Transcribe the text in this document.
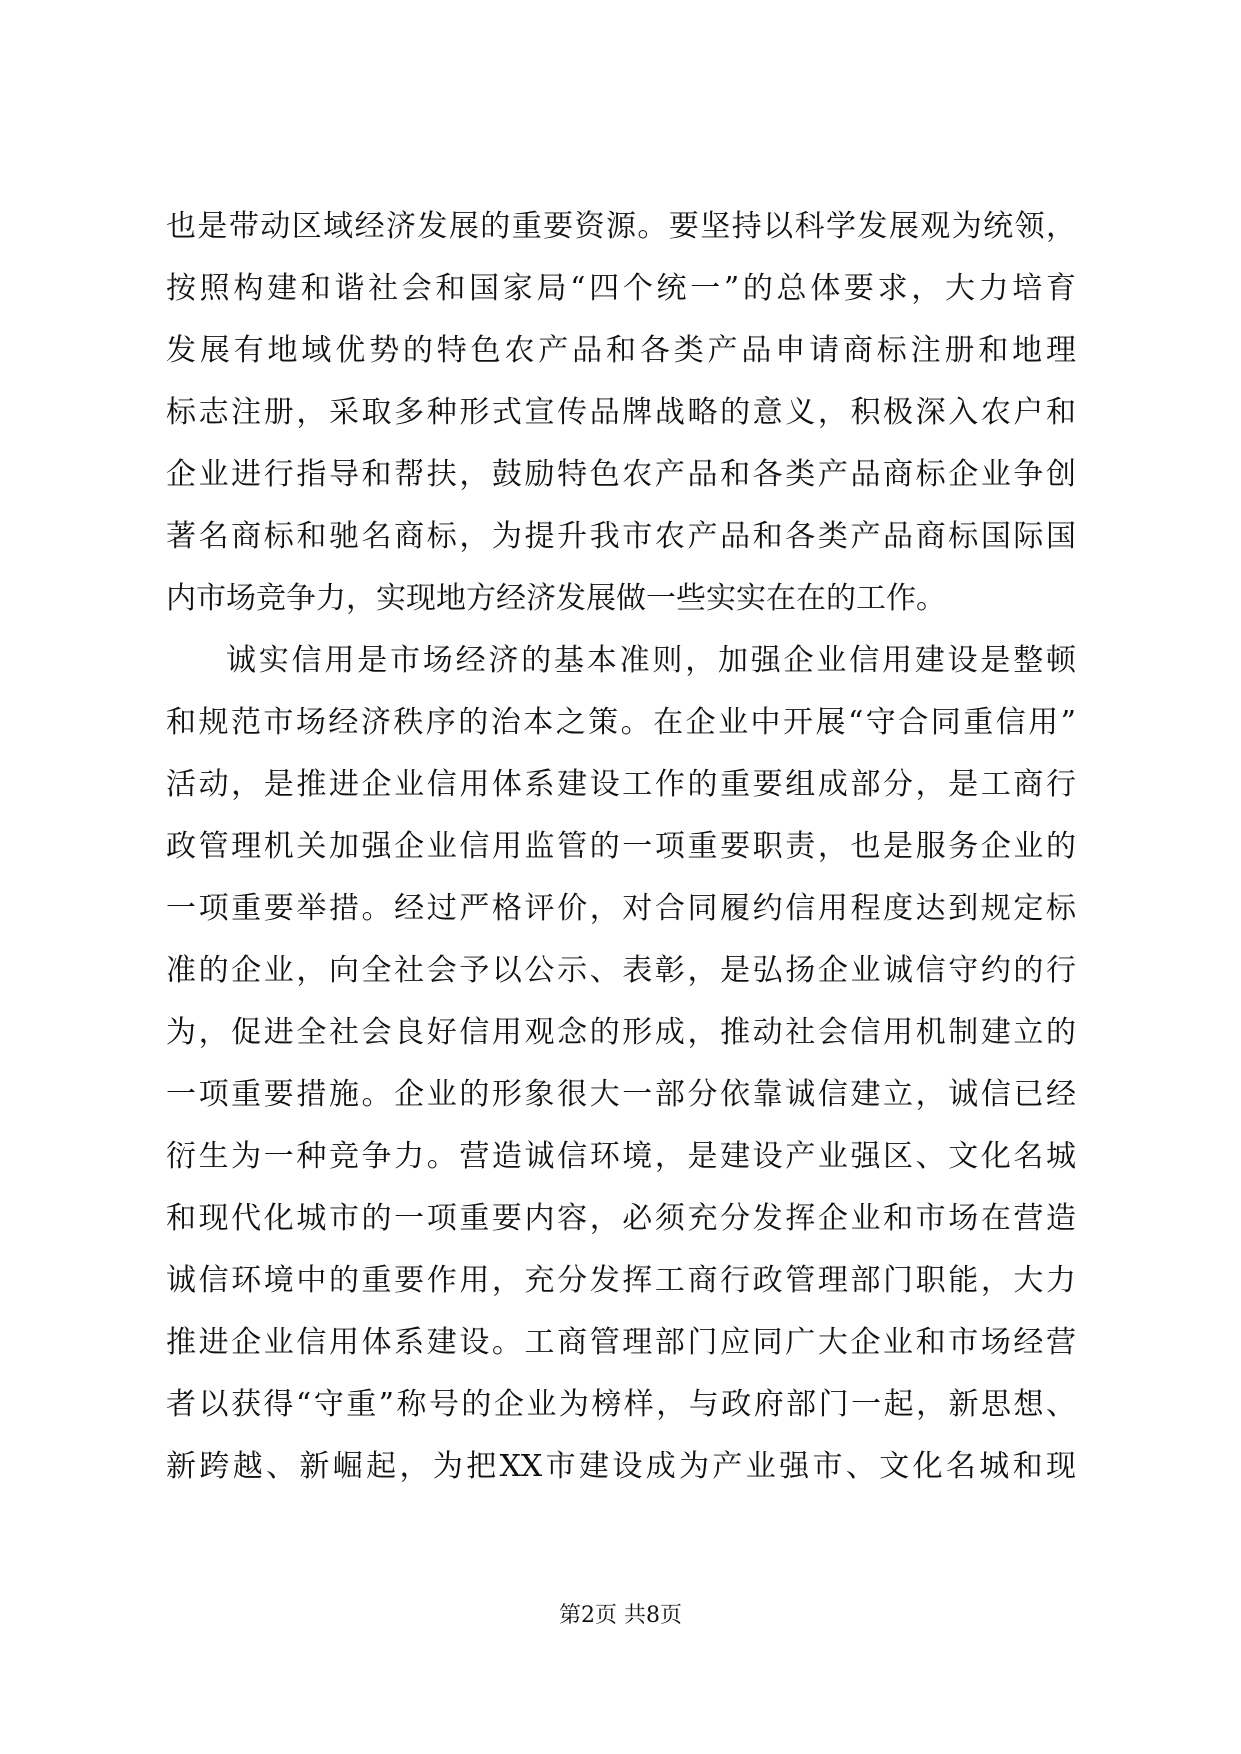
也是带动区域经济发展的重要资源。要坚持以科学发展观为统领，
按照构建和谐社会和国家局“四个统一”的总体要求，大力培育
发展有地域优势的特色农产品和各类产品申请商标注册和地理
标志注册，采取多种形式宣传品牌战略的意义，积极深入农户和
企业进行指导和帮扶，鼓励特色农产品和各类产品商标企业争创
著名商标和驰名商标，为提升我市农产品和各类产品商标国际国
内市场竞争力，实现地方经济发展做一些实实在在的工作。
诚实信用是市场经济的基本准则，加强企业信用建设是整顿
和规范市场经济秩序的治本之策。在企业中开展“守合同重信用”
活动，是推进企业信用体系建设工作的重要组成部分，是工商行
政管理机关加强企业信用监管的一项重要职责，也是服务企业的
一项重要举措。经过严格评价，对合同履约信用程度达到规定标
准的企业，向全社会予以公示、表彰，是弘扬企业诚信守约的行
为，促进全社会良好信用观念的形成，推动社会信用机制建立的
一项重要措施。企业的形象很大一部分依靠诚信建立，诚信已经
衍生为一种竞争力。营造诚信环境，是建设产业强区、文化名城
和现代化城市的一项重要内容，必须充分发挥企业和市场在营造
诚信环境中的重要作用，充分发挥工商行政管理部门职能，大力
推进企业信用体系建设。工商管理部门应同广大企业和市场经营
者以获得“守重”称号的企业为榜样，与政府部门一起，新思想、
新跨越、新崛起，为把XX市建设成为产业强市、文化名城和现
第2页 共8页
